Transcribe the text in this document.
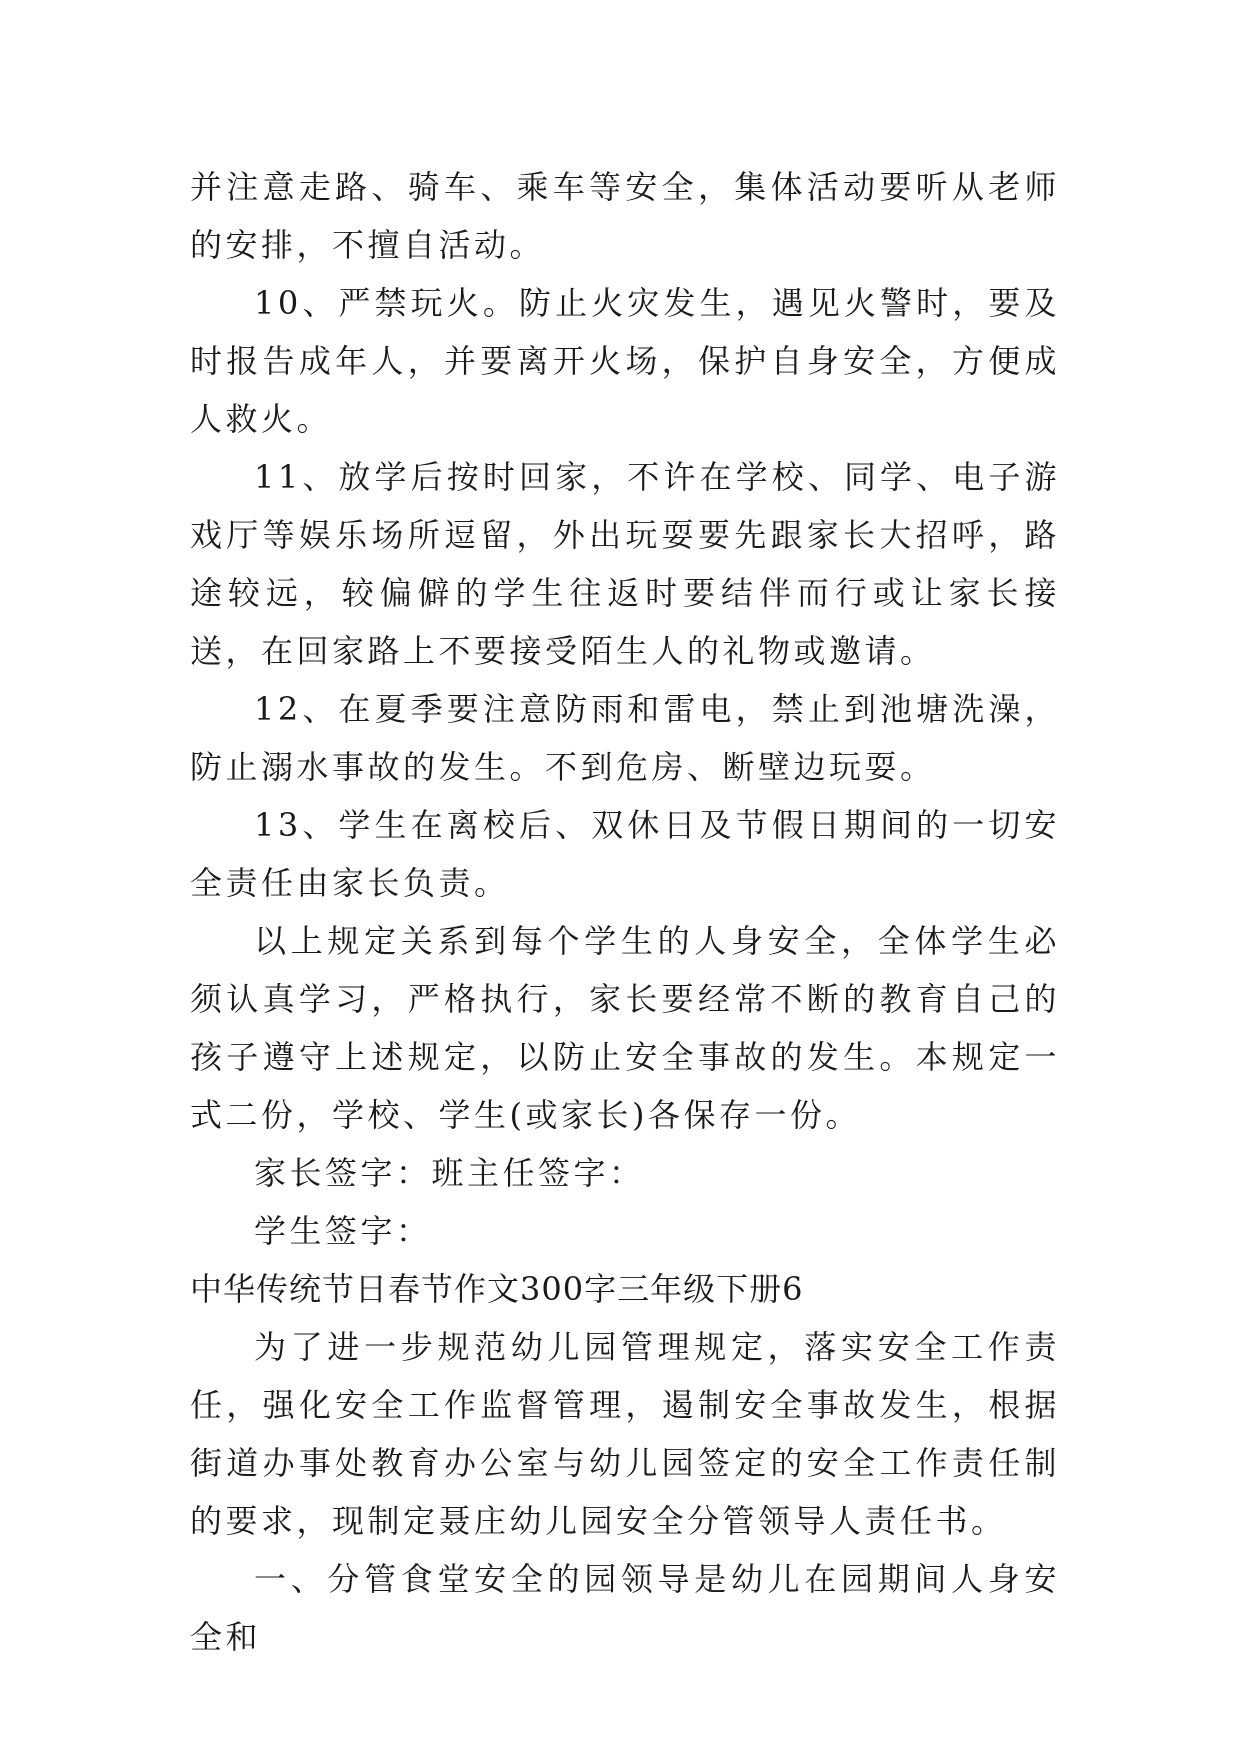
并注意走路、骑车、乘车等安全，集体活动要听从老师的安排，不擅自活动。

10、严禁玩火。防止火灾发生，遇见火警时，要及时报告成年人，并要离开火场，保护自身安全，方便成人救火。

11、放学后按时回家，不许在学校、同学、电子游戏厅等娱乐场所逗留，外出玩耍要先跟家长大招呼，路途较远，较偏僻的学生往返时要结伴而行或让家长接送，在回家路上不要接受陌生人的礼物或邀请。

12、在夏季要注意防雨和雷电，禁止到池塘洗澡，防止溺水事故的发生。不到危房、断壁边玩耍。

13、学生在离校后、双休日及节假日期间的一切安全责任由家长负责。

以上规定关系到每个学生的人身安全，全体学生必须认真学习，严格执行，家长要经常不断的教育自己的孩子遵守上述规定，以防止安全事故的发生。本规定一式二份，学校、学生(或家长)各保存一份。

家长签字：班主任签字：

学生签字：

中华传统节日春节作文300字三年级下册6

为了进一步规范幼儿园管理规定，落实安全工作责任，强化安全工作监督管理，遏制安全事故发生，根据街道办事处教育办公室与幼儿园签定的安全工作责任制的要求，现制定聂庄幼儿园安全分管领导人责任书。

一、分管食堂安全的园领导是幼儿在园期间人身安全和
